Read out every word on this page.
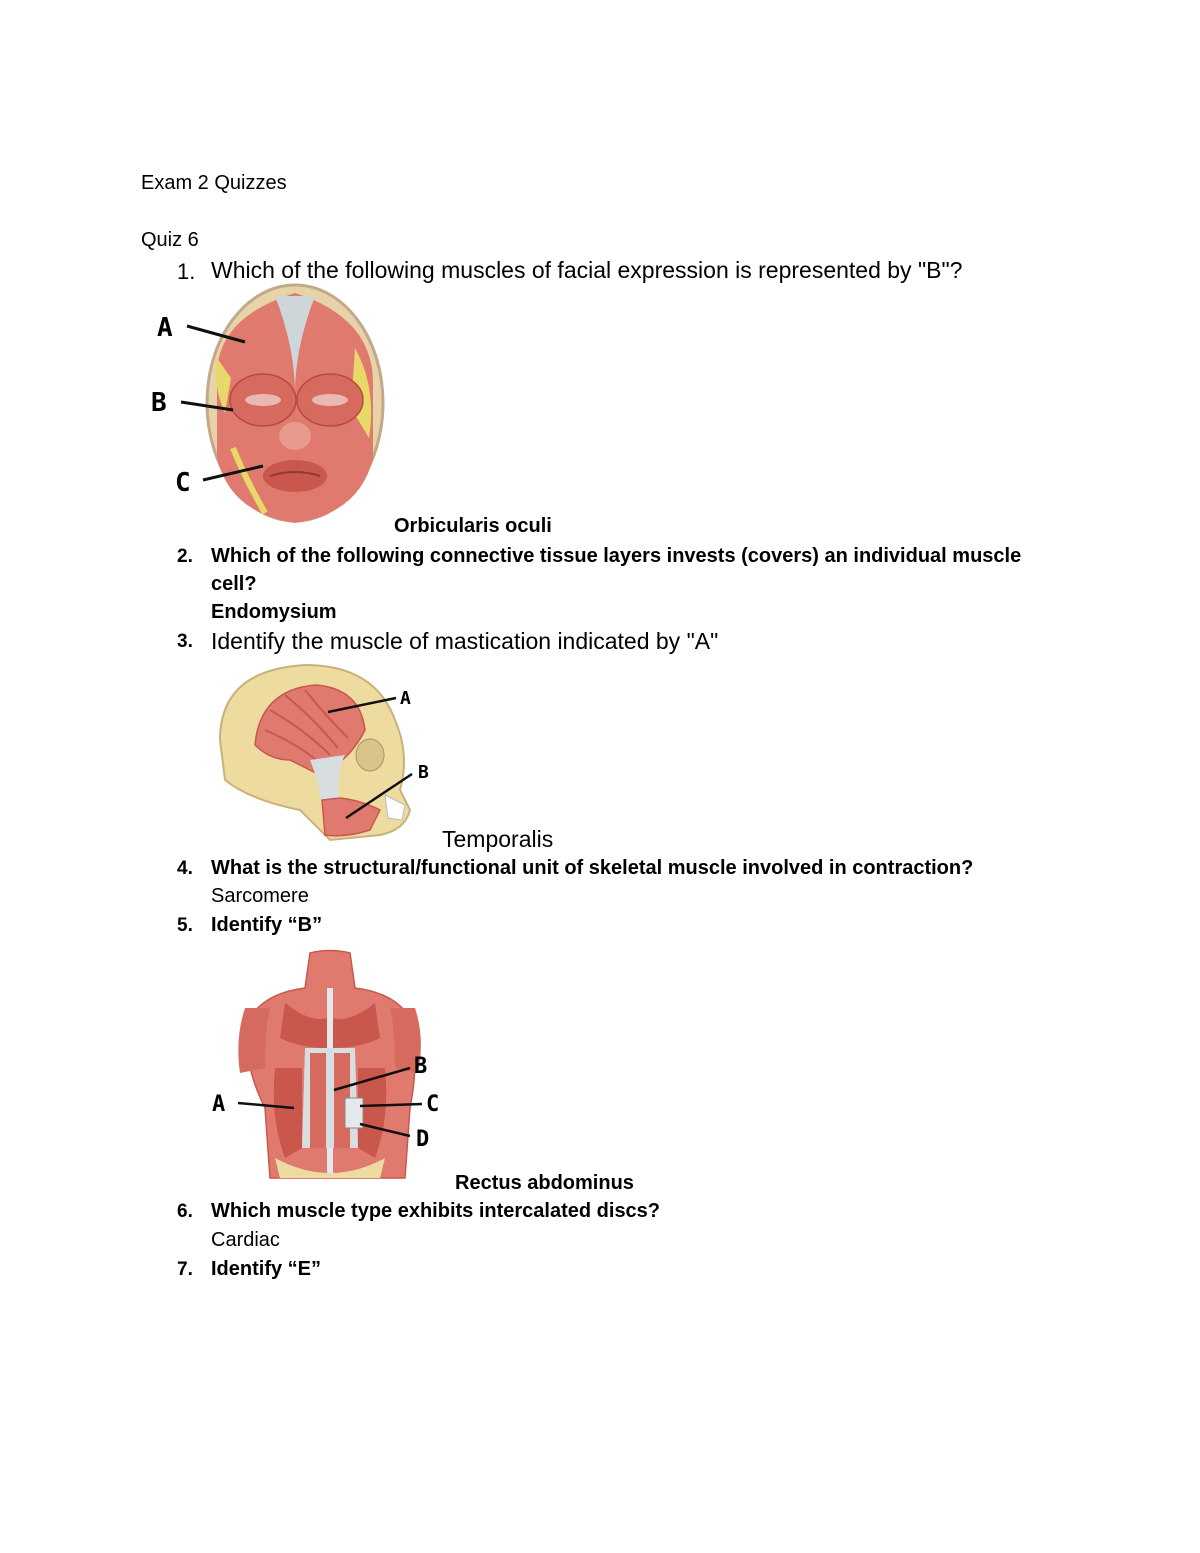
Exam 2 Quizzes
Quiz 6
1. Which of the following muscles of facial expression is represented by "B"?
A
B
C
Orbicularis oculi
2. Which of the following connective tissue layers invests (covers) an individual muscle
cell?
Endomysium
3. Identify the muscle of mastication indicated by "A"
A
B
Temporalis
4. What is the structural/functional unit of skeletal muscle involved in contraction?
Sarcomere
5. Identify “B”
A
B
C
D
Rectus abdominus
6. Which muscle type exhibits intercalated discs?
Cardiac
7. Identify “E”
